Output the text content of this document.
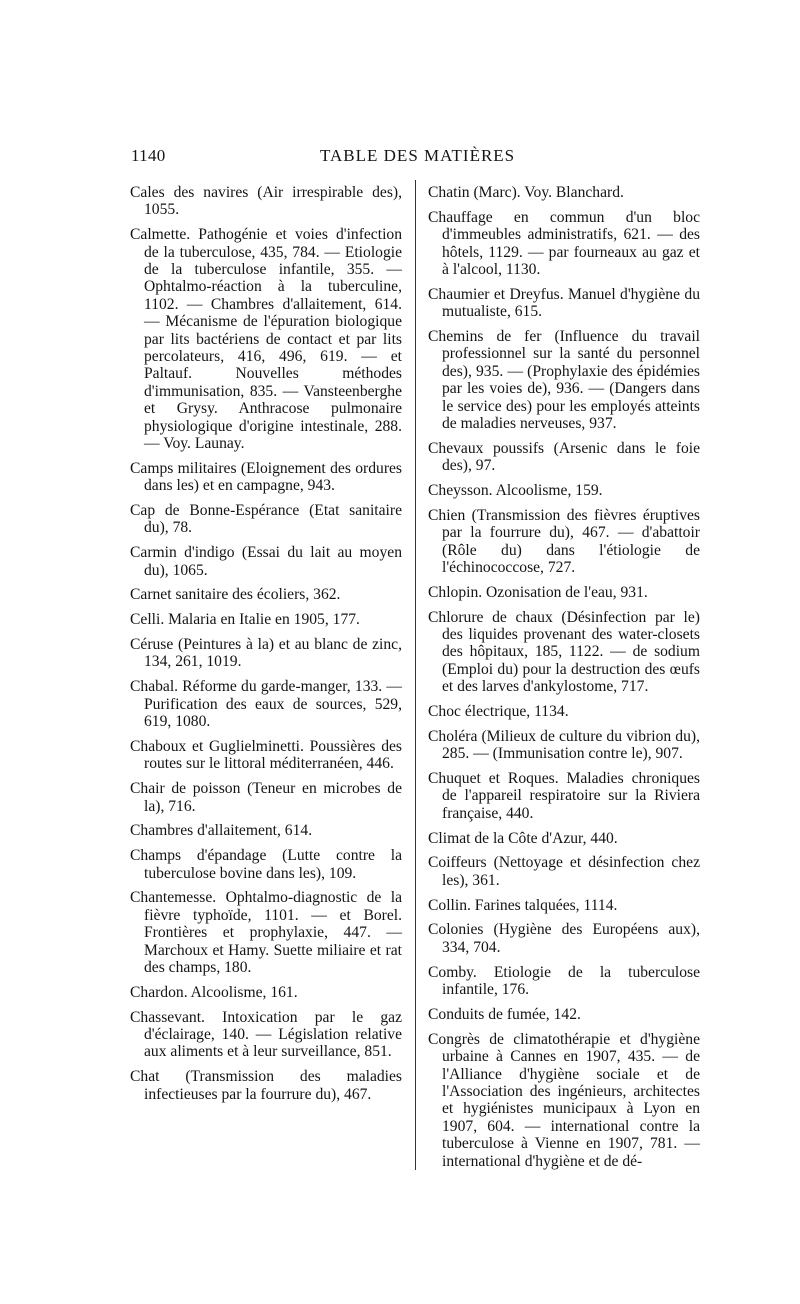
1140	TABLE DES MATIÈRES

Cales des navires (Air irrespirable des), 1055.

Calmette. Pathogénie et voies d'infection de la tuberculose, 435, 784. — Etiologie de la tuberculose infantile, 355. — Ophtalmo-réaction à la tuberculine, 1102. — Chambres d'allaitement, 614. — Mécanisme de l'épuration biologique par lits bactériens de contact et par lits percolateurs, 416, 496, 619. — et Paltauf. Nouvelles méthodes d'immunisation, 835. — Vansteenberghe et Grysy. Anthracose pulmonaire physiologique d'origine intestinale, 288. — Voy. Launay.

Camps militaires (Eloignement des ordures dans les) et en campagne, 943.

Cap de Bonne-Espérance (Etat sanitaire du), 78.

Carmin d'indigo (Essai du lait au moyen du), 1065.

Carnet sanitaire des écoliers, 362.

Celli. Malaria en Italie en 1905, 177.

Céruse (Peintures à la) et au blanc de zinc, 134, 261, 1019.

Chabal. Réforme du garde-manger, 133. — Purification des eaux de sources, 529, 619, 1080.

Chaboux et Guglielminetti. Poussières des routes sur le littoral méditerranéen, 446.

Chair de poisson (Teneur en microbes de la), 716.

Chambres d'allaitement, 614.

Champs d'épandage (Lutte contre la tuberculose bovine dans les), 109.

Chantemesse. Ophtalmo-diagnostic de la fièvre typhoïde, 1101. — et Borel. Frontières et prophylaxie, 447. — Marchoux et Hamy. Suette miliaire et rat des champs, 180.

Chardon. Alcoolisme, 161.

Chassevant. Intoxication par le gaz d'éclairage, 140. — Législation relative aux aliments et à leur surveillance, 851.

Chat (Transmission des maladies infectieuses par la fourrure du), 467.

Chatin (Marc). Voy. Blanchard.

Chauffage en commun d'un bloc d'immeubles administratifs, 621. — des hôtels, 1129. — par fourneaux au gaz et à l'alcool, 1130.

Chaumier et Dreyfus. Manuel d'hygiène du mutualiste, 615.

Chemins de fer (Influence du travail professionnel sur la santé du personnel des), 935. — (Prophylaxie des épidémies par les voies de), 936. — (Dangers dans le service des) pour les employés atteints de maladies nerveuses, 937.

Chevaux poussifs (Arsenic dans le foie des), 97.

Cheysson. Alcoolisme, 159.

Chien (Transmission des fièvres éruptives par la fourrure du), 467. — d'abattoir (Rôle du) dans l'étiologie de l'échinococcose, 727.

Chlopin. Ozonisation de l'eau, 931.

Chlorure de chaux (Désinfection par le) des liquides provenant des water-closets des hôpitaux, 185, 1122. — de sodium (Emploi du) pour la destruction des œufs et des larves d'ankylostome, 717.

Choc électrique, 1134.

Choléra (Milieux de culture du vibrion du), 285. — (Immunisation contre le), 907.

Chuquet et Roques. Maladies chroniques de l'appareil respiratoire sur la Riviera française, 440.

Climat de la Côte d'Azur, 440.

Coiffeurs (Nettoyage et désinfection chez les), 361.

Collin. Farines talquées, 1114.

Colonies (Hygiène des Européens aux), 334, 704.

Comby. Etiologie de la tuberculose infantile, 176.

Conduits de fumée, 142.

Congrès de climatothérapie et d'hygiène urbaine à Cannes en 1907, 435. — de l'Alliance d'hygiène sociale et de l'Association des ingénieurs, architectes et hygiénistes municipaux à Lyon en 1907, 604. — international contre la tuberculose à Vienne en 1907, 781. — international d'hygiène et de dé-
